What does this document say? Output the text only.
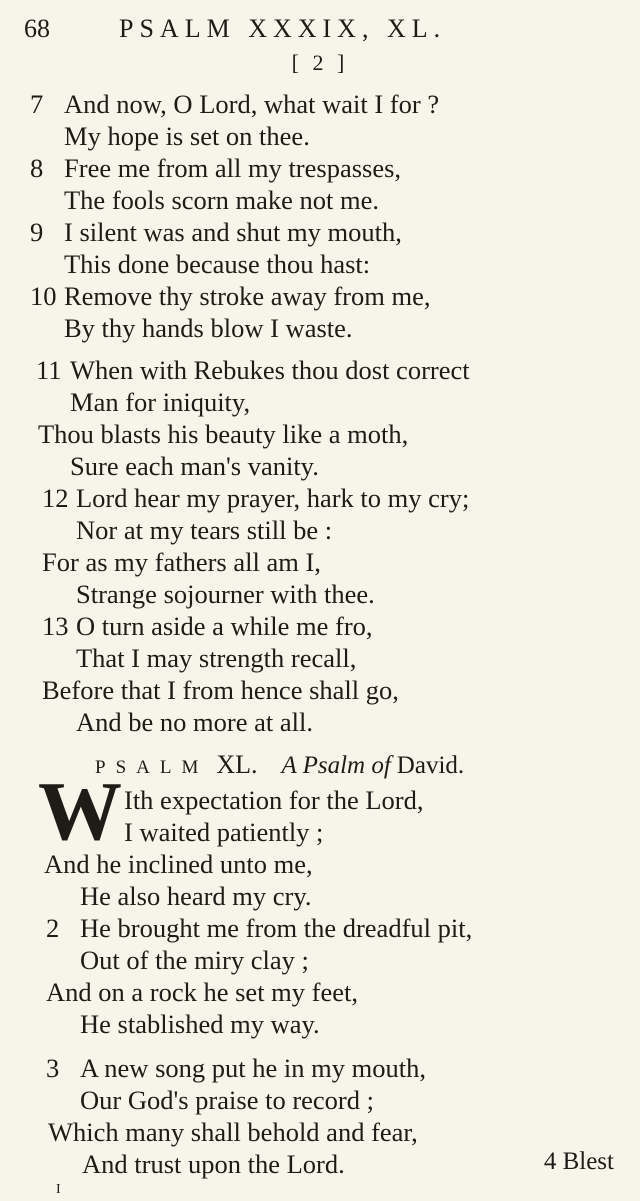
68	PSALM XXXIX, XL.
[ 2 ]
7 And now, O Lord, what wait I for ?
My hope is set on thee.
8 Free me from all my trespasses,
The fools scorn make not me.
9 I silent was and shut my mouth,
This done because thou hast:
10 Remove thy stroke away from me,
By thy hands blow I waste.
11 When with Rebukes thou dost correct
Man for iniquity,
Thou blasts his beauty like a moth,
Sure each man's vanity.
12 Lord hear my prayer, hark to my cry;
Nor at my tears still be :
For as my fathers all am I,
Strange sojourner with thee.
13 O turn aside a while me fro,
That I may strength recall,
Before that I from hence shall go,
And be no more at all.
PSALM XL. A Psalm of David.
W Ith expectation for the Lord,
I waited patiently ;
And he inclined unto me,
He also heard my cry.
2 He brought me from the dreadful pit,
Out of the miry clay ;
And on a rock he set my feet,
He stablished my way.
3 A new song put he in my mouth,
Our God's praise to record ;
Which many shall behold and fear,
And trust upon the Lord.	4 Blest
I
